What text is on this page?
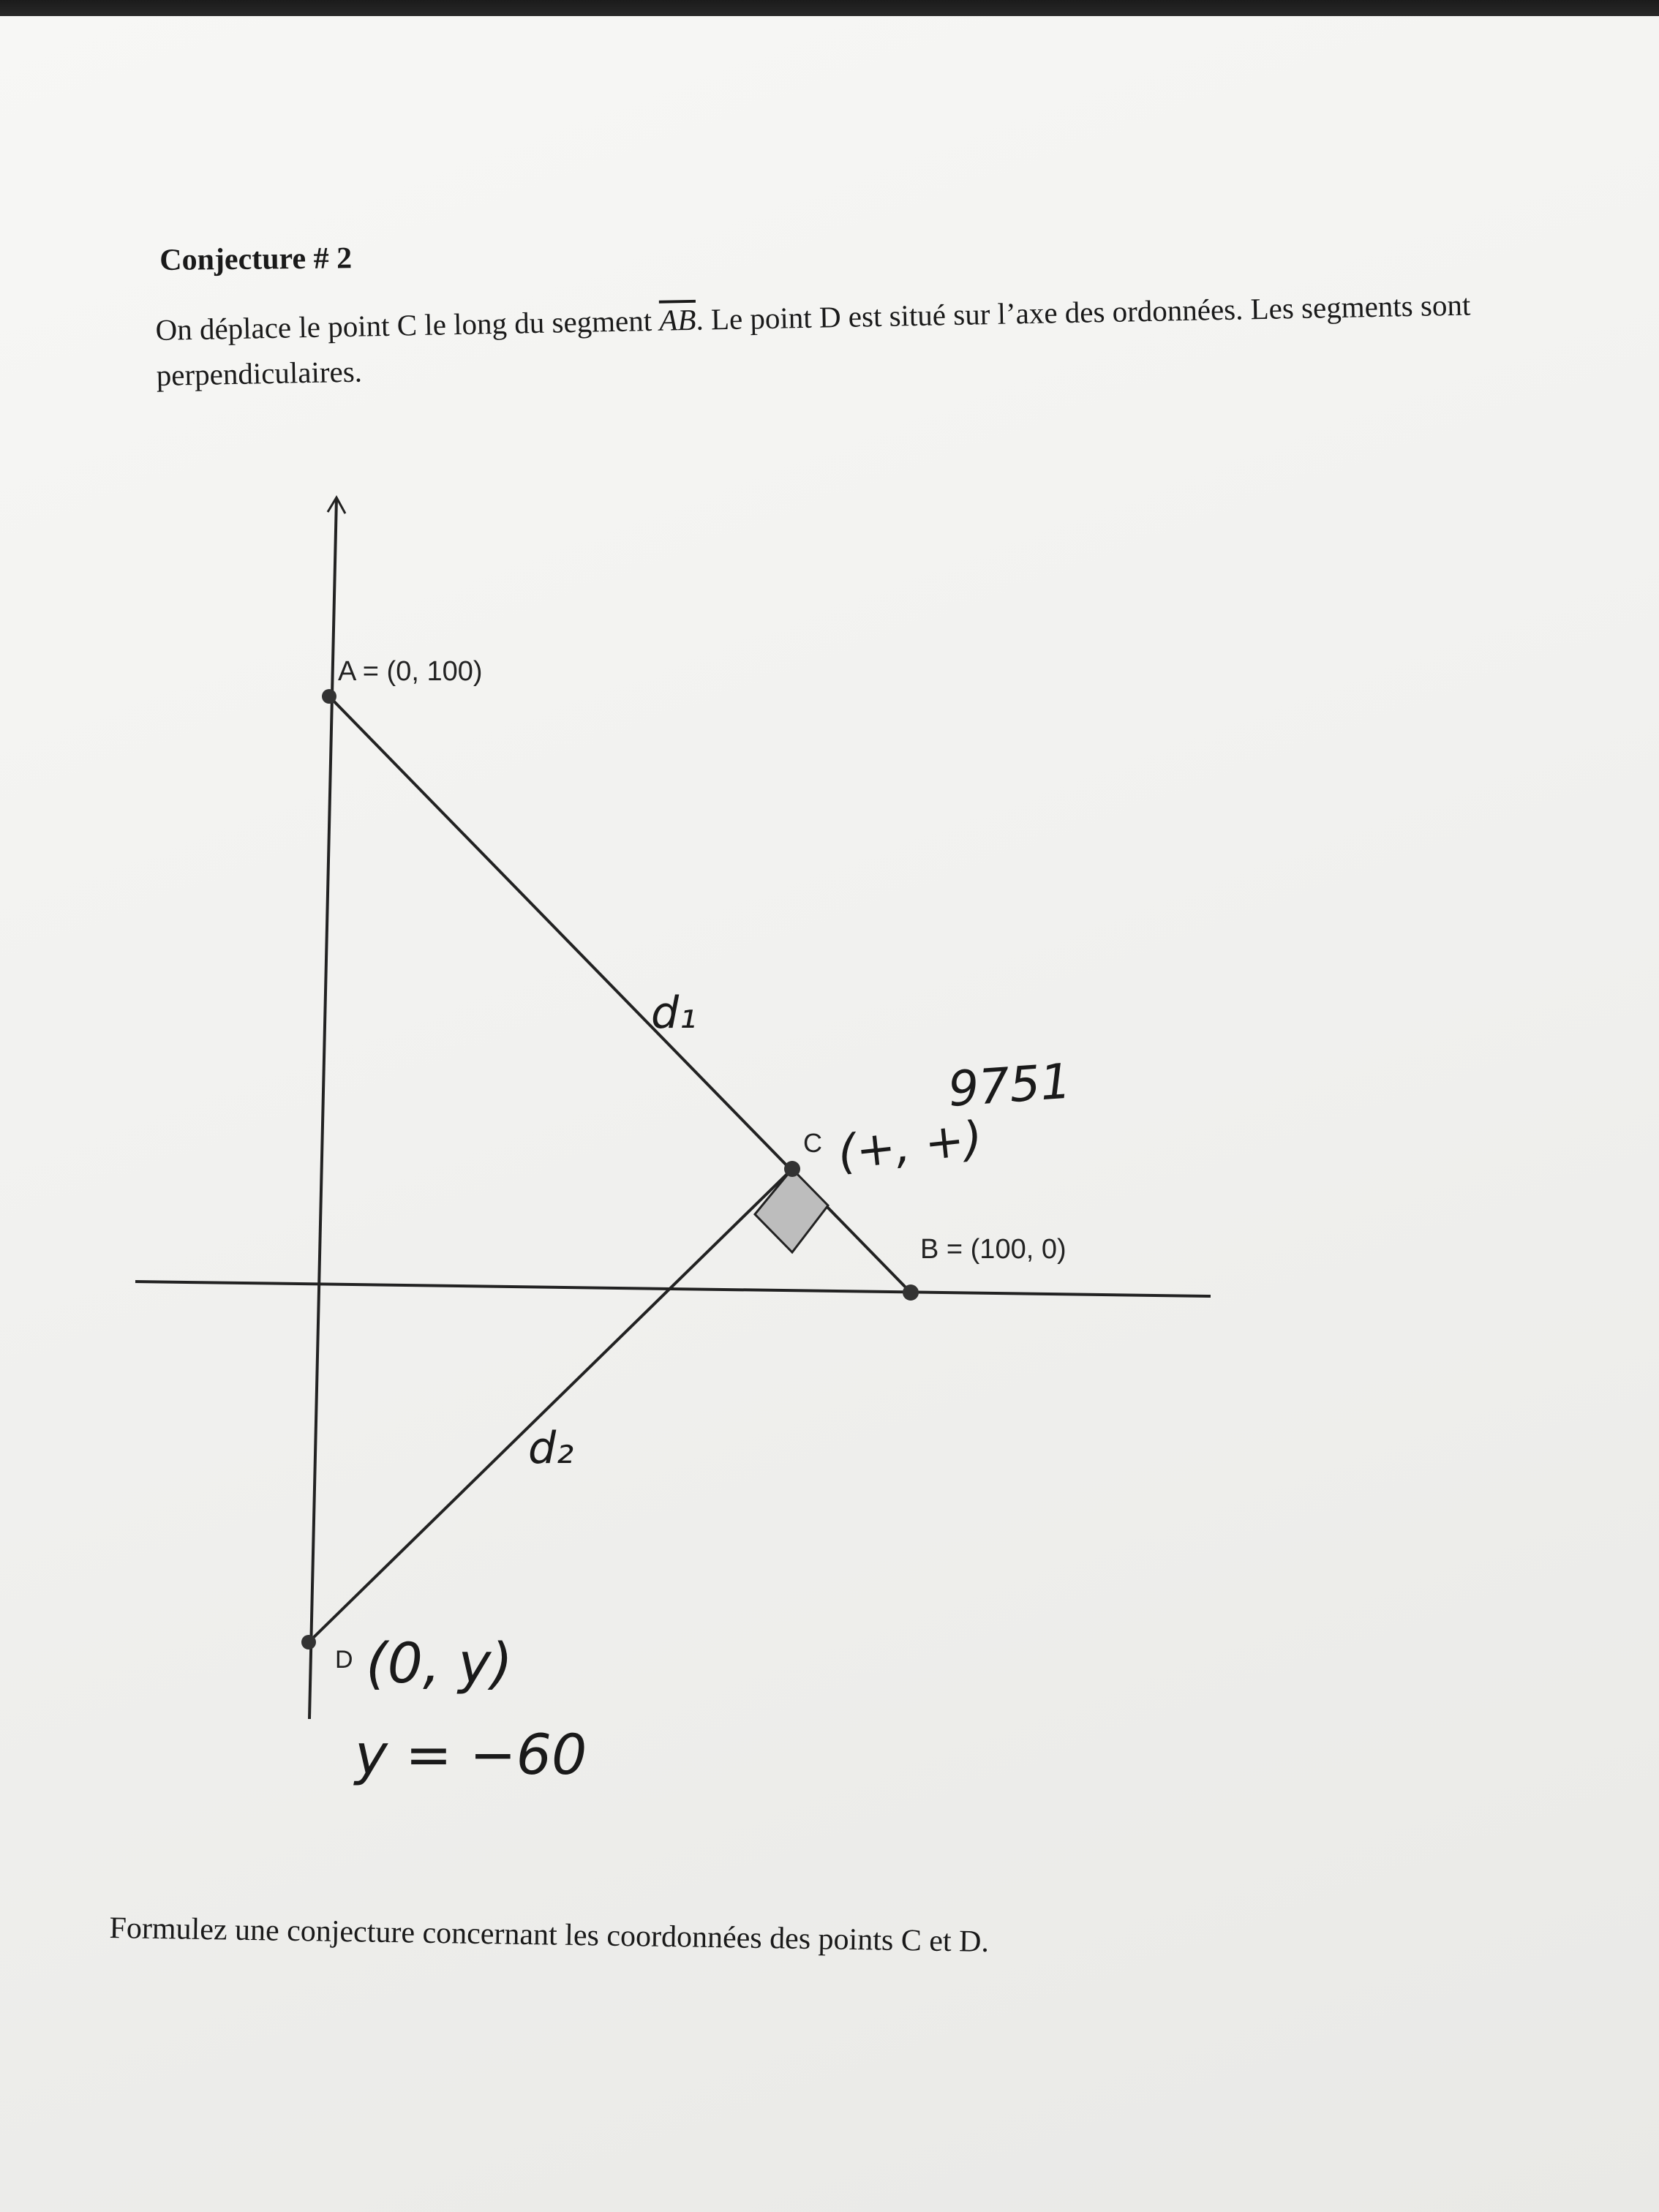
Conjecture # 2
On déplace le point C le long du segment $\overline{AB}$. Le point D est situé sur l’axe des ordonnées. Les segments sont perpendiculaires.
A = (0, 100)
B = (100, 0)
C
D
d₁
d₂
9751
(+, +)
(0, y)
y = −60
Formulez une conjecture concernant les coordonnées des points C et D.
